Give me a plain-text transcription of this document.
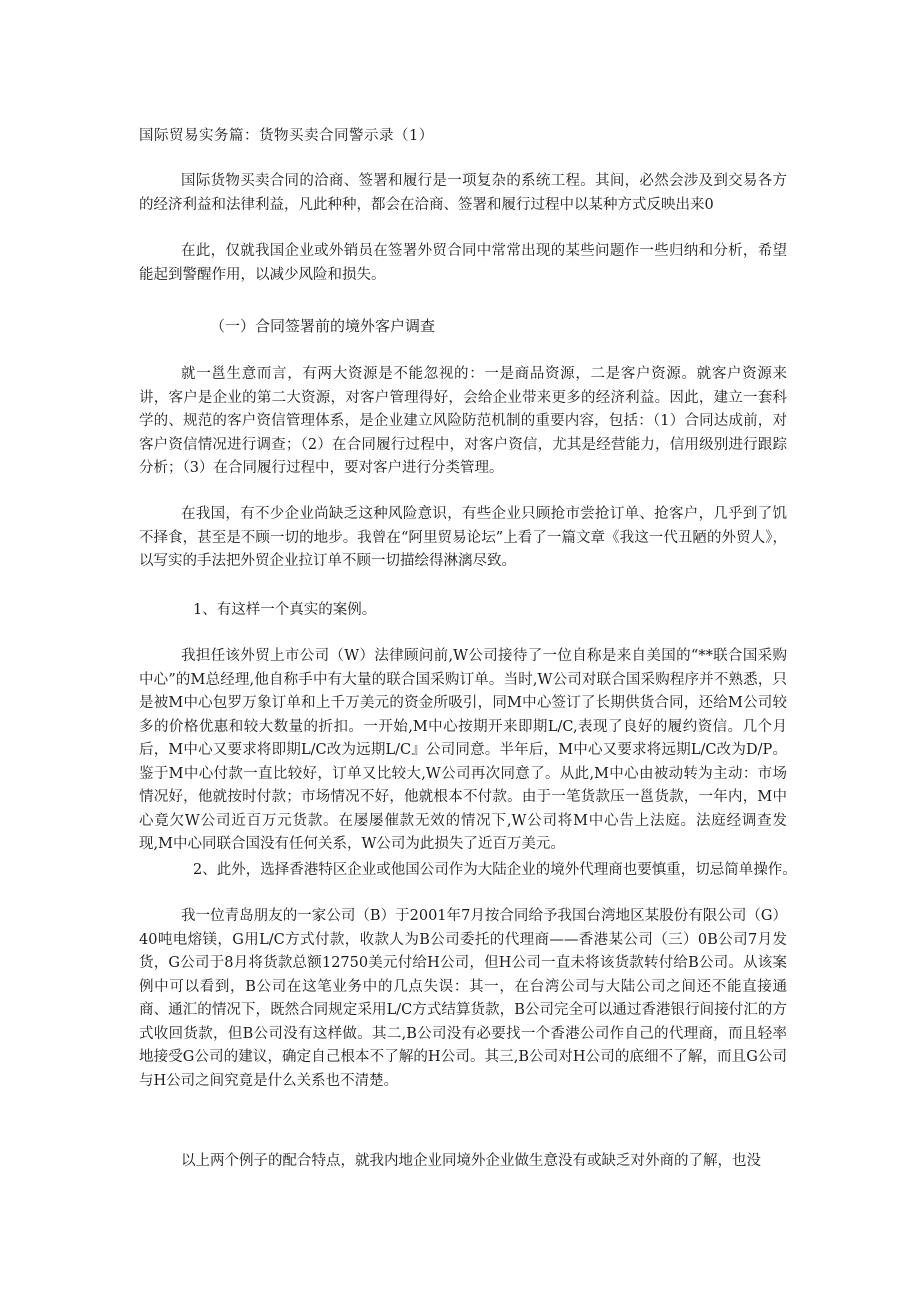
国际贸易实务篇：货物买卖合同警示录（1）

国际货物买卖合同的洽商、签署和履行是一项复杂的系统工程。其间，必然会涉及到交易各方的经济利益和法律利益，凡此种种，都会在洽商、签署和履行过程中以某种方式反映出来0

在此，仅就我国企业或外销员在签署外贸合同中常常出现的某些问题作一些归纳和分析，希望能起到警醒作用，以减少风险和损失。

（一）合同签署前的境外客户调查

就一邕生意而言，有两大资源是不能忽视的：一是商品资源，二是客户资源。就客户资源来讲，客户是企业的第二大资源，对客户管理得好，会给企业带来更多的经济利益。因此，建立一套科学的、规范的客户资信管理体系，是企业建立风险防范机制的重要内容，包括：（1）合同达成前，对客户资信情况进行调查；（2）在合同履行过程中，对客户资信，尤其是经营能力，信用级别进行跟踪分析；（3）在合同履行过程中，要对客户进行分类管理。

在我国，有不少企业尚缺乏这种风险意识，有些企业只顾抢市尝抢订单、抢客户，几乎到了饥不择食，甚至是不顾一切的地步。我曾在“阿里贸易论坛”上看了一篇文章《我这一代丑陋的外贸人》，以写实的手法把外贸企业拉订单不顾一切描绘得淋漓尽致。

1、有这样一个真实的案例。

我担任该外贸上市公司（W）法律顾问前,W公司接待了一位自称是来自美国的“**联合国采购中心”的M总经理,他自称手中有大量的联合国采购订单。当时,W公司对联合国采购程序并不熟悉，只是被M中心包罗万象订单和上千万美元的资金所吸引，同M中心签订了长期供货合同，还给M公司较多的价格优惠和较大数量的折扣。一开始,M中心按期开来即期L/C,表现了良好的履约资信。几个月后，M中心又要求将即期L/C改为远期L/C』公司同意。半年后，M中心又要求将远期L/C改为D/P。鉴于M中心付款一直比较好，订单又比较大,W公司再次同意了。从此,M中心由被动转为主动：市场情况好，他就按时付款；市场情况不好，他就根本不付款。由于一笔货款压一邕货款，一年内，M中心竟欠W公司近百万元货款。在屡屡催款无效的情况下,W公司将M中心告上法庭。法庭经调查发现,M中心同联合国没有任何关系，W公司为此损失了近百万美元。

2、此外，选择香港特区企业或他国公司作为大陆企业的境外代理商也要慎重，切忌简单操作。

我一位青岛朋友的一家公司（B）于2001年7月按合同给予我国台湾地区某股份有限公司（G）40吨电熔镁，G用L/C方式付款，收款人为B公司委托的代理商——香港某公司（三）0B公司7月发货，G公司于8月将货款总额12750美元付给H公司，但H公司一直未将该货款转付给B公司。从该案例中可以看到，B公司在这笔业务中的几点失误：其一，在台湾公司与大陆公司之间还不能直接通商、通汇的情况下，既然合同规定采用L/C方式结算货款，B公司完全可以通过香港银行间接付汇的方式收回货款，但B公司没有这样做。其二,B公司没有必要找一个香港公司作自己的代理商，而且轻率地接受G公司的建议，确定自己根本不了解的H公司。其三,B公司对H公司的底细不了解，而且G公司与H公司之间究竟是什么关系也不清楚。

以上两个例子的配合特点，就我内地企业同境外企业做生意没有或缺乏对外商的了解，也没
